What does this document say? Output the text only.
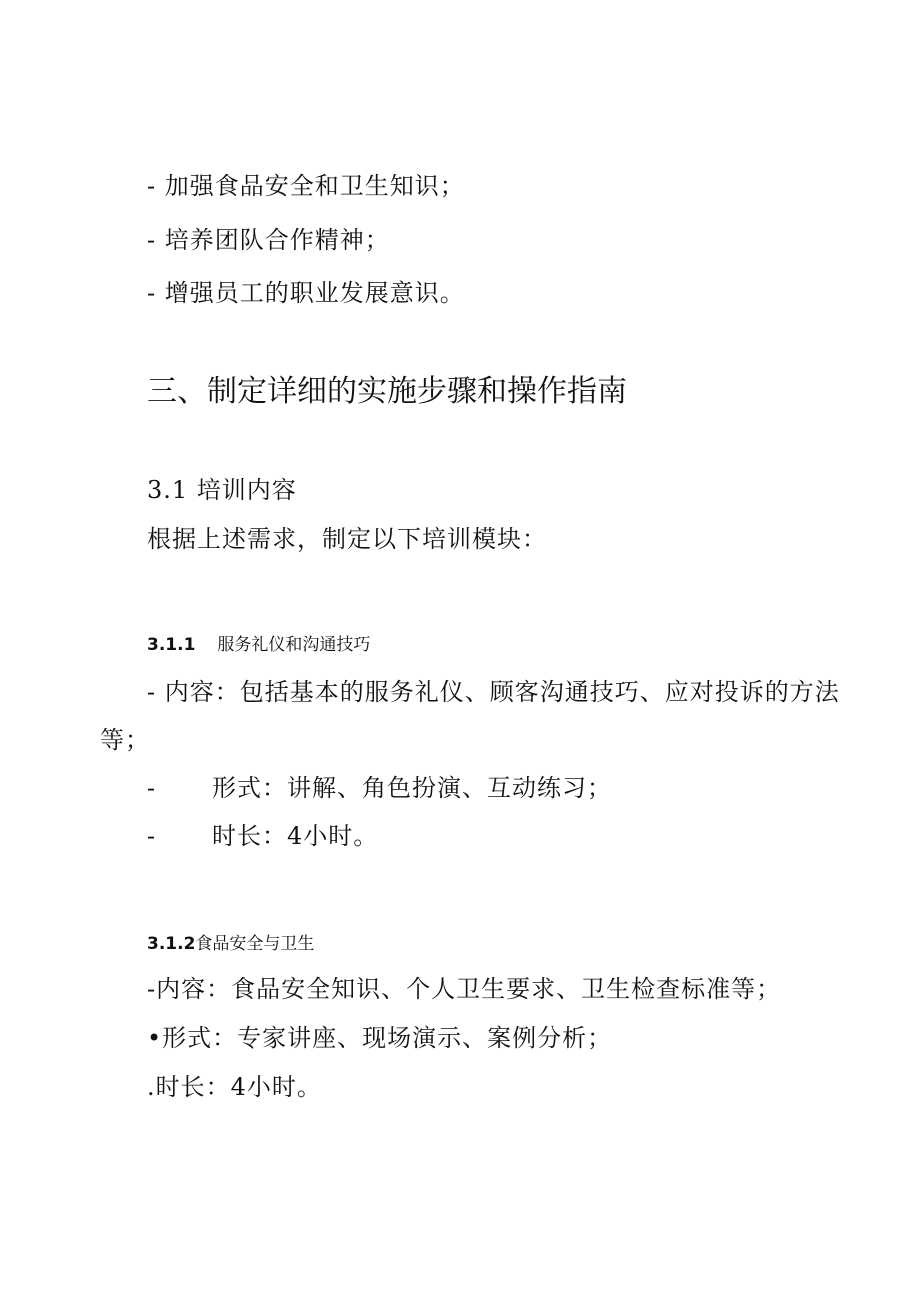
- 加强食品安全和卫生知识；
- 培养团队合作精神；
- 增强员工的职业发展意识。
三、制定详细的实施步骤和操作指南
3.1 培训内容
根据上述需求，制定以下培训模块：
3.1.1 服务礼仪和沟通技巧
- 内容：包括基本的服务礼仪、顾客沟通技巧、应对投诉的方法
等；
- 形式：讲解、角色扮演、互动练习；
- 时长：4小时。
3.1.2食品安全与卫生
-内容：食品安全知识、个人卫生要求、卫生检查标准等；
•形式：专家讲座、现场演示、案例分析；
.时长：4小时。
